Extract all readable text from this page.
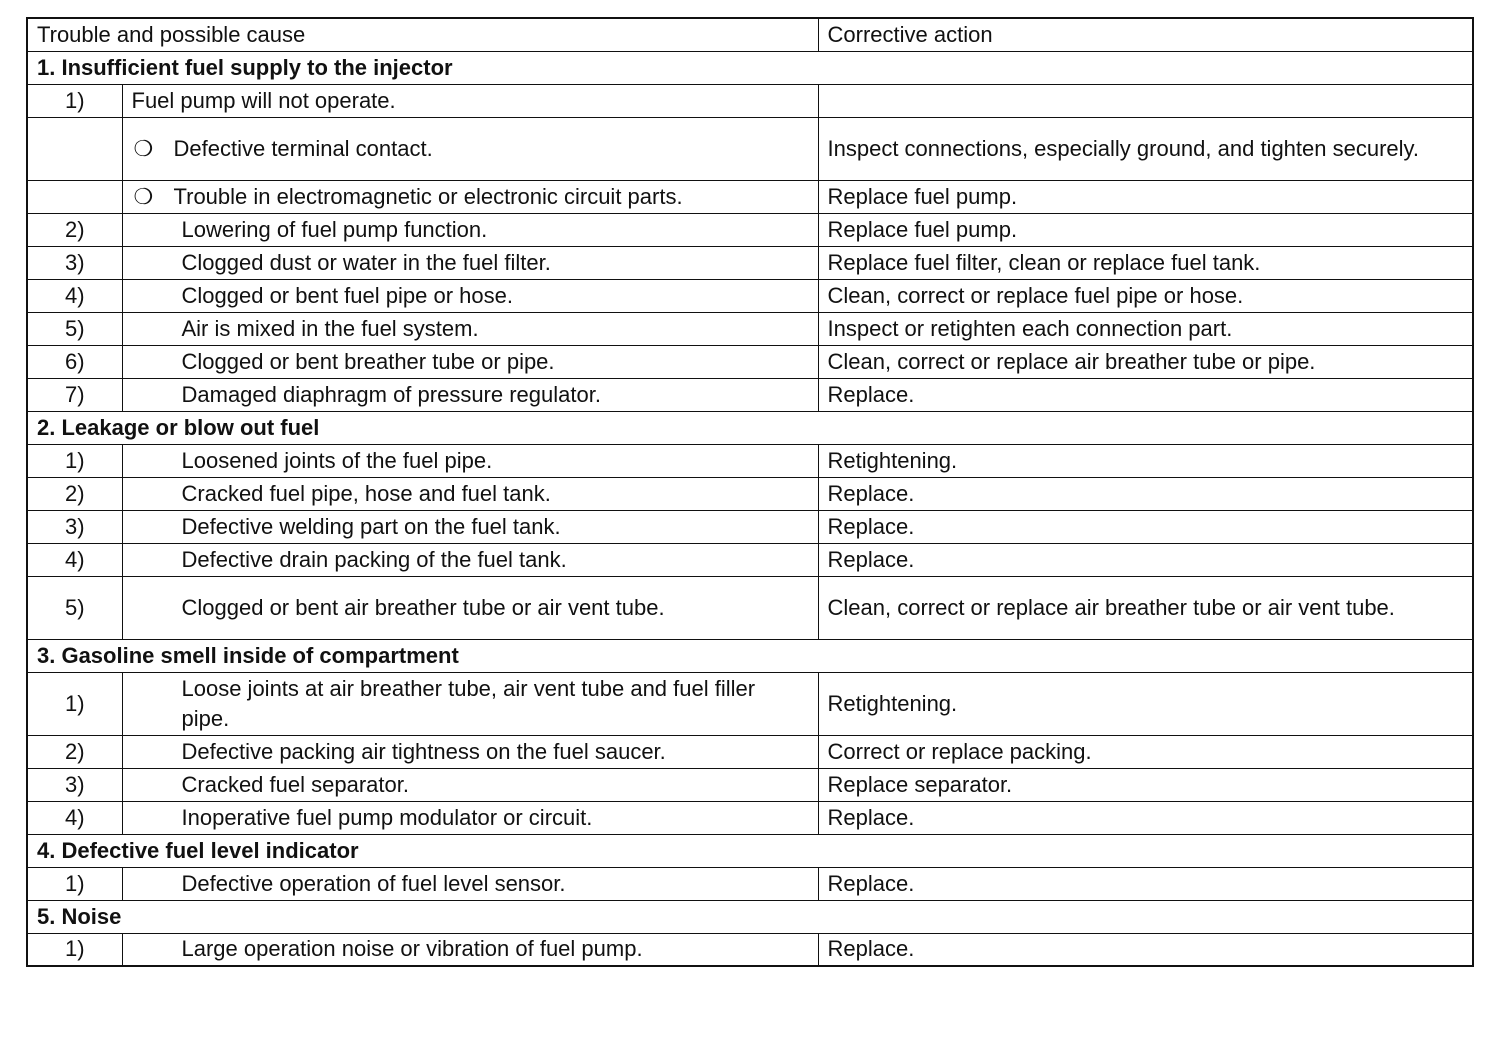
Trouble and possible cause		Corrective action
1. Insufficient fuel supply to the injector		
1)	Fuel pump will not operate.	
	❍ Defective terminal contact.	Inspect connections, especially ground, and tighten securely.
	❍ Trouble in electromagnetic or electronic circuit parts.	Replace fuel pump.
2)	Lowering of fuel pump function.	Replace fuel pump.
3)	Clogged dust or water in the fuel filter.	Replace fuel filter, clean or replace fuel tank.
4)	Clogged or bent fuel pipe or hose.	Clean, correct or replace fuel pipe or hose.
5)	Air is mixed in the fuel system.	Inspect or retighten each connection part.
6)	Clogged or bent breather tube or pipe.	Clean, correct or replace air breather tube or pipe.
7)	Damaged diaphragm of pressure regulator.	Replace.
2. Leakage or blow out fuel		
1)	Loosened joints of the fuel pipe.	Retightening.
2)	Cracked fuel pipe, hose and fuel tank.	Replace.
3)	Defective welding part on the fuel tank.	Replace.
4)	Defective drain packing of the fuel tank.	Replace.
5)	Clogged or bent air breather tube or air vent tube.	Clean, correct or replace air breather tube or air vent tube.
3. Gasoline smell inside of compartment		
1)	Loose joints at air breather tube, air vent tube and fuel filler pipe.	Retightening.
2)	Defective packing air tightness on the fuel saucer.	Correct or replace packing.
3)	Cracked fuel separator.	Replace separator.
4)	Inoperative fuel pump modulator or circuit.	Replace.
4. Defective fuel level indicator		
1)	Defective operation of fuel level sensor.	Replace.
5. Noise		
1)	Large operation noise or vibration of fuel pump.	Replace.
